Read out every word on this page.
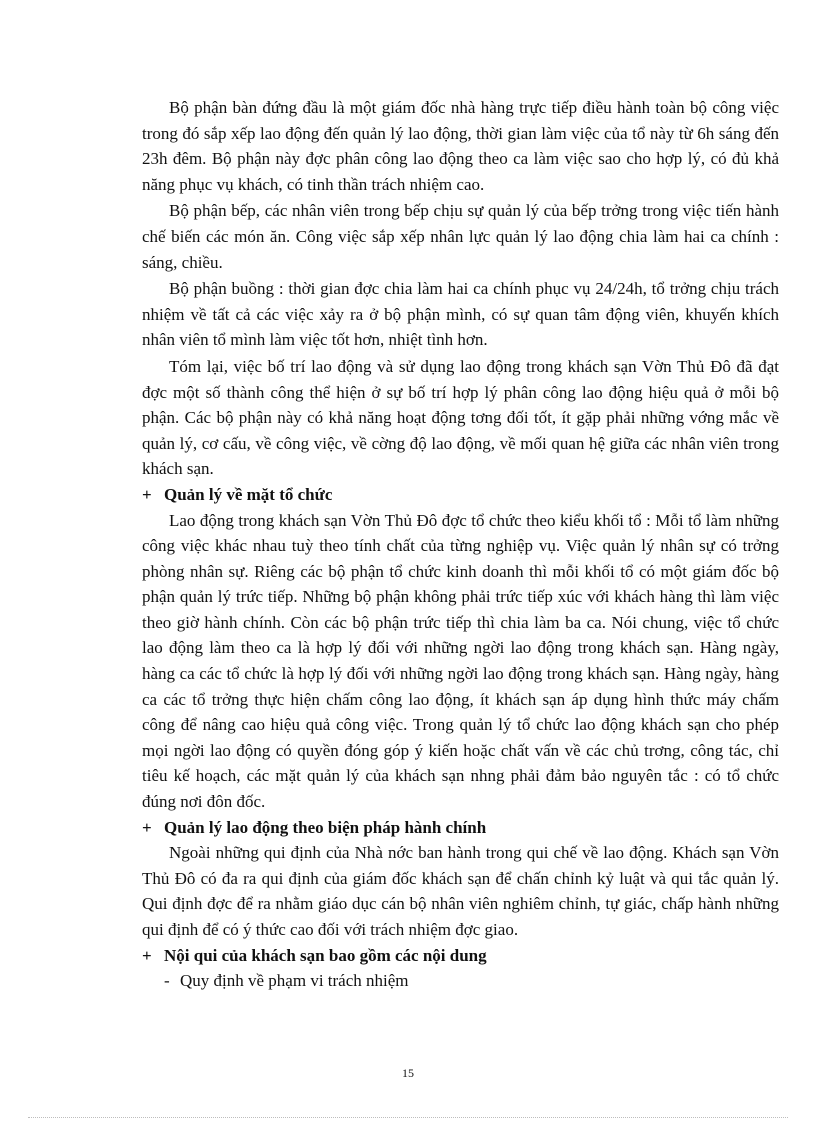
Bộ phận bàn đứng đầu là một giám đốc nhà hàng trực tiếp điều hành toàn bộ công việc trong đó sắp xếp lao động đến quản lý lao động, thời gian làm việc của tổ này từ 6h sáng đến 23h đêm. Bộ phận này đợc phân công lao động theo ca làm việc sao cho hợp lý, có đủ khả năng phục vụ khách, có tinh thần trách nhiệm cao.

Bộ phận bếp, các nhân viên trong bếp chịu sự quản lý của bếp trởng trong việc tiến hành chế biến các món ăn. Công việc sắp xếp nhân lực quản lý lao động chia làm hai ca chính : sáng, chiều.

Bộ phận buồng : thời gian đợc chia làm hai ca chính phục vụ 24/24h, tổ trởng chịu trách nhiệm về tất cả các việc xảy ra ở bộ phận mình, có sự quan tâm động viên, khuyến khích nhân viên tổ mình làm việc tốt hơn, nhiệt tình hơn.

Tóm lại, việc bố trí lao động và sử dụng lao động trong khách sạn Vờn Thủ Đô đã đạt đợc một số thành công thể hiện ở sự bố trí hợp lý phân công lao động hiệu quả ở mỗi bộ phận. Các bộ phận này có khả năng hoạt động tơng đối tốt, ít gặp phải những vớng mắc về quản lý, cơ cấu, về công việc, về cờng độ lao động, về mối quan hệ giữa các nhân viên trong khách sạn.

+ Quản lý về mặt tổ chức

Lao động trong khách sạn Vờn Thủ Đô đợc tổ chức theo kiểu khối tổ : Mỗi tổ làm những công việc khác nhau tuỳ theo tính chất của từng nghiệp vụ. Việc quản lý nhân sự có trởng phòng nhân sự. Riêng các bộ phận tổ chức kinh doanh thì mỗi khối tổ có một giám đốc bộ phận quản lý trức tiếp. Những bộ phận không phải trức tiếp xúc với khách hàng thì làm việc theo giờ hành chính. Còn các bộ phận trức tiếp thì chia làm ba ca. Nói chung, việc tổ chức lao động làm theo ca là hợp lý đối với những ngời lao động trong khách sạn. Hàng ngày, hàng ca các tổ chức là hợp lý đối với những ngời lao động trong khách sạn. Hàng ngày, hàng ca các tổ trởng thực hiện chấm công lao động, ít khách sạn áp dụng hình thức máy chấm công để nâng cao hiệu quả công việc. Trong quản lý tổ chức lao động khách sạn cho phép mọi ngời lao động có quyền đóng góp ý kiến hoặc chất vấn về các chủ trơng, công tác, chỉ tiêu kế hoạch, các mặt quản lý của khách sạn nhng phải đảm bảo nguyên tắc : có tổ chức đúng nơi đôn đốc.

+ Quản lý lao động theo biện pháp hành chính

Ngoài những qui định của Nhà nớc ban hành trong qui chế về lao động. Khách sạn Vờn Thủ Đô có đa ra qui định của giám đốc khách sạn để chấn chỉnh kỷ luật và qui tắc quản lý. Qui định đợc để ra nhằm giáo dục cán bộ nhân viên nghiêm chỉnh, tự giác, chấp hành những qui định để có ý thức cao đối với trách nhiệm đợc giao.

+ Nội qui của khách sạn bao gồm các nội dung
- Quy định về phạm vi trách nhiệm
15
